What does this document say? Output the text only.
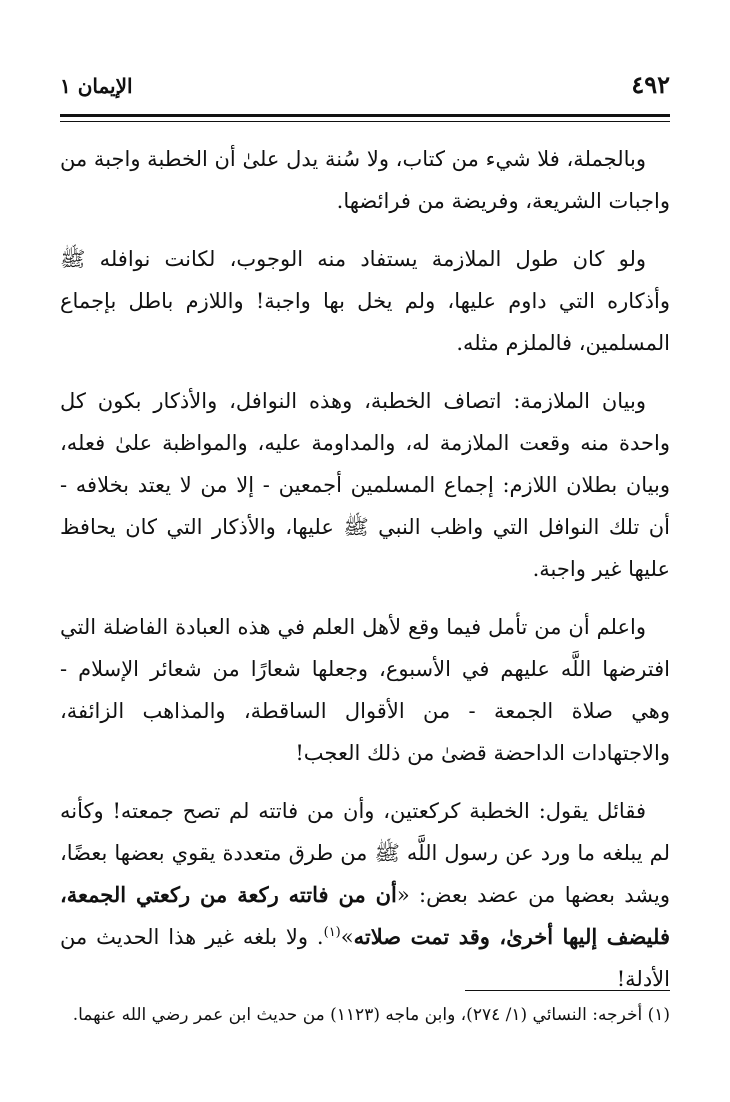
٤٩٢
الإيمان ١

وبالجملة، فلا شيء من كتاب، ولا سُنة يدل علىٰ أن الخطبة واجبة من واجبات الشريعة، وفريضة من فرائضها.

ولو كان طول الملازمة يستفاد منه الوجوب، لكانت نوافله ﷺ وأذكاره التي داوم عليها، ولم يخل بها واجبة! واللازم باطل بإجماع المسلمين، فالملزم مثله.

وبيان الملازمة: اتصاف الخطبة، وهذه النوافل، والأذكار بكون كل واحدة منه وقعت الملازمة له، والمداومة عليه، والمواظبة علىٰ فعله، وبيان بطلان اللازم: إجماع المسلمين أجمعين - إلا من لا يعتد بخلافه - أن تلك النوافل التي واظب النبي ﷺ عليها، والأذكار التي كان يحافظ عليها غير واجبة.

واعلم أن من تأمل فيما وقع لأهل العلم في هذه العبادة الفاضلة التي افترضها اللَّه عليهم في الأسبوع، وجعلها شعارًا من شعائر الإسلام - وهي صلاة الجمعة - من الأقوال الساقطة، والمذاهب الزائفة، والاجتهادات الداحضة قضىٰ من ذلك العجب!

فقائل يقول: الخطبة كركعتين، وأن من فاتته لم تصح جمعته! وكأنه لم يبلغه ما ورد عن رسول اللَّه ﷺ من طرق متعددة يقوي بعضها بعضًا، ويشد بعضها من عضد بعض: «أن من فاتته ركعة من ركعتي الجمعة، فليضف إليها أخرىٰ، وقد تمت صلاته»$^{(١)}$. ولا بلغه غير هذا الحديث من الأدلة!

(١) أخرجه: النسائي (١/ ٢٧٤)، وابن ماجه (١١٢٣) من حديث ابن عمر رضي الله عنهما.
